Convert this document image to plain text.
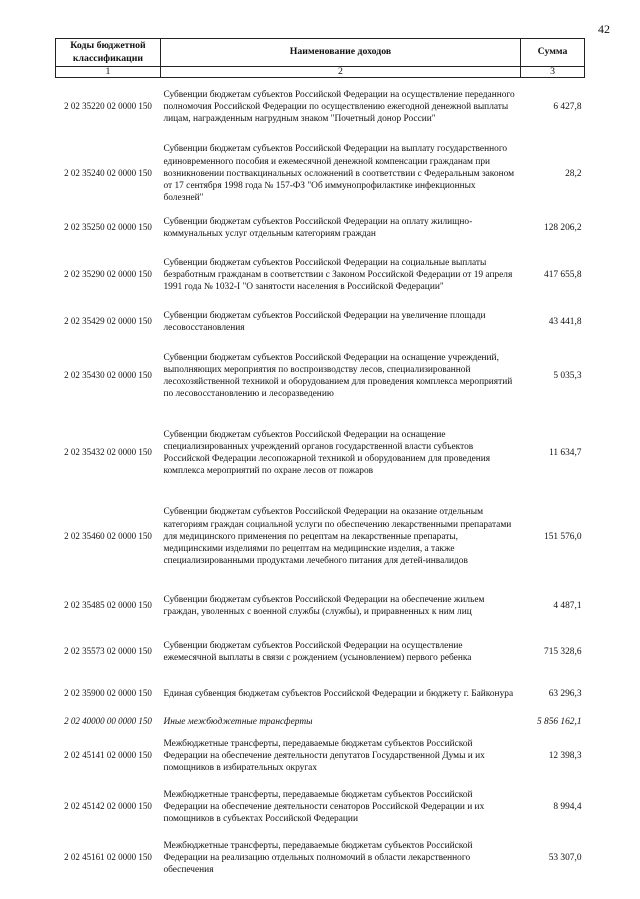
42
Коды бюджетной классификации	Наименование доходов	Сумма
1	2	3
2 02 35220 02 0000 150	Субвенции бюджетам субъектов Российской Федерации на осуществление переданного полномочия Российской Федерации по осуществлению ежегодной денежной выплаты лицам, награжденным нагрудным знаком "Почетный донор России"	6 427,8
2 02 35240 02 0000 150	Субвенции бюджетам субъектов Российской Федерации на выплату государственного единовременного пособия и ежемесячной денежной компенсации гражданам при возникновении поствакцинальных осложнений в соответствии с Федеральным законом от 17 сентября 1998 года № 157-ФЗ "Об иммунопрофилактике инфекционных болезней"	28,2
2 02 35250 02 0000 150	Субвенции бюджетам субъектов Российской Федерации на оплату жилищно-коммунальных услуг отдельным категориям граждан	128 206,2
2 02 35290 02 0000 150	Субвенции бюджетам субъектов Российской Федерации на социальные выплаты безработным гражданам в соответствии с Законом Российской Федерации от 19 апреля 1991 года № 1032-I "О занятости населения в Российской Федерации"	417 655,8
2 02 35429 02 0000 150	Субвенции бюджетам субъектов Российской Федерации на увеличение площади лесовосстановления	43 441,8
2 02 35430 02 0000 150	Субвенции бюджетам субъектов Российской Федерации на оснащение учреждений, выполняющих мероприятия по воспроизводству лесов, специализированной лесохозяйственной техникой и оборудованием для проведения комплекса мероприятий по лесовосстановлению и лесоразведению	5 035,3
2 02 35432 02 0000 150	Субвенции бюджетам субъектов Российской Федерации на оснащение специализированных учреждений органов государственной власти субъектов Российской Федерации лесопожарной техникой и оборудованием для проведения комплекса мероприятий по охране лесов от пожаров	11 634,7
2 02 35460 02 0000 150	Субвенции бюджетам субъектов Российской Федерации на оказание отдельным категориям граждан социальной услуги по обеспечению лекарственными препаратами для медицинского применения по рецептам на лекарственные препараты, медицинскими изделиями по рецептам на медицинские изделия, а также специализированными продуктами лечебного питания для детей-инвалидов	151 576,0
2 02 35485 02 0000 150	Субвенции бюджетам субъектов Российской Федерации на обеспечение жильем граждан, уволенных с военной службы (службы), и приравненных к ним лиц	4 487,1
2 02 35573 02 0000 150	Субвенции бюджетам субъектов Российской Федерации на осуществление ежемесячной выплаты в связи с рождением (усыновлением) первого ребенка	715 328,6
2 02 35900 02 0000 150	Единая субвенция бюджетам субъектов Российской Федерации и бюджету г. Байконура	63 296,3
2 02 40000 00 0000 150	Иные межбюджетные трансферты	5 856 162,1
2 02 45141 02 0000 150	Межбюджетные трансферты, передаваемые бюджетам субъектов Российской Федерации на обеспечение деятельности депутатов Государственной Думы и их помощников в избирательных округах	12 398,3
2 02 45142 02 0000 150	Межбюджетные трансферты, передаваемые бюджетам субъектов Российской Федерации на обеспечение деятельности сенаторов Российской Федерации и их помощников в субъектах Российской Федерации	8 994,4
2 02 45161 02 0000 150	Межбюджетные трансферты, передаваемые бюджетам субъектов Российской Федерации на реализацию отдельных полномочий в области лекарственного обеспечения	53 307,0
